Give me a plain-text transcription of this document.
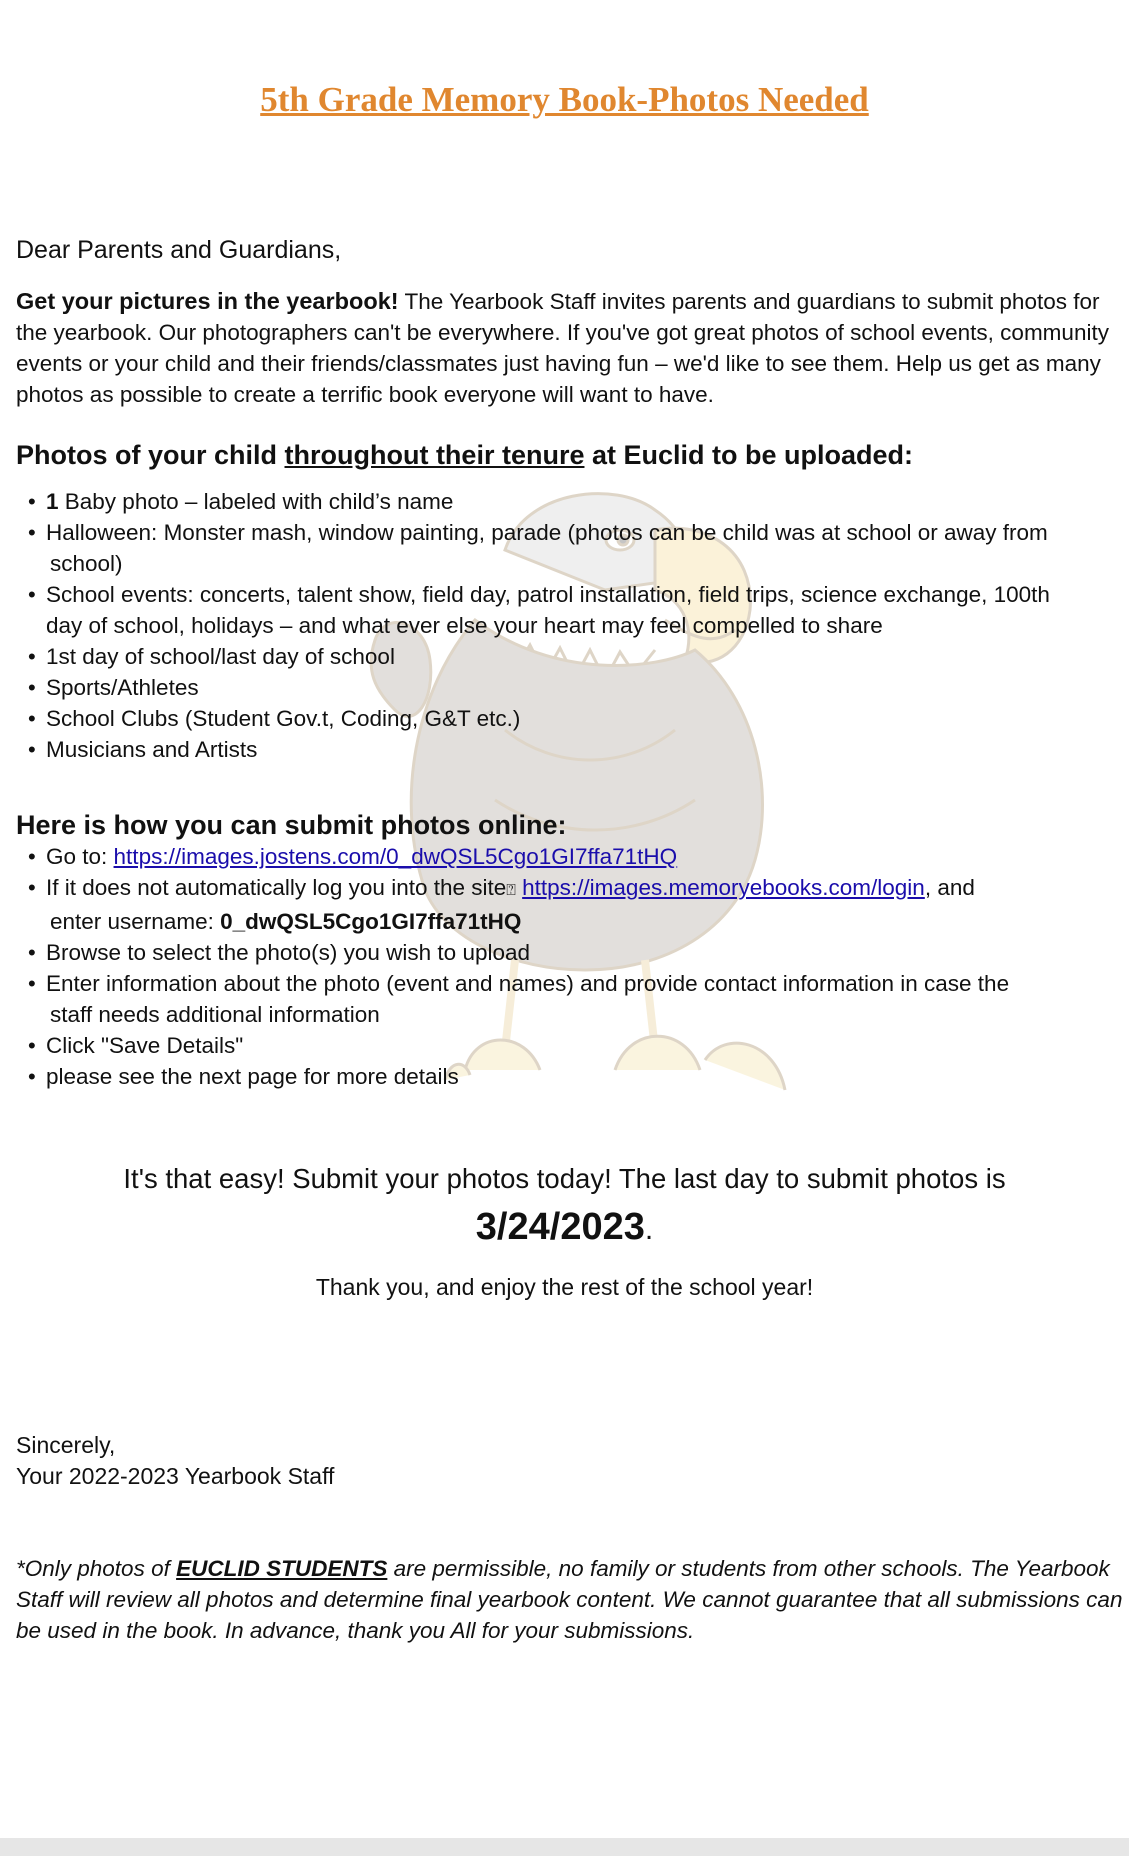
5th Grade Memory Book-Photos Needed
Dear Parents and Guardians,
Get your pictures in the yearbook! The Yearbook Staff invites parents and guardians to submit photos for the yearbook. Our photographers can't be everywhere. If you've got great photos of school events, community events or your child and their friends/classmates just having fun – we'd like to see them. Help us get as many photos as possible to create a terrific book everyone will want to have.
Photos of your child throughout their tenure at Euclid to be uploaded:
• 1 Baby photo – labeled with child’s name
• Halloween: Monster mash, window painting, parade (photos can be child was at school or away from
school)
• School events: concerts, talent show, field day, patrol installation, field trips, science exchange, 100th
day of school, holidays – and what ever else your heart may feel compelled to share
• 1st day of school/last day of school
• Sports/Athletes
• School Clubs (Student Gov.t, Coding, G&T etc.)
• Musicians and Artists
Here is how you can submit photos online:
• Go to: https://images.jostens.com/0_dwQSL5Cgo1GI7ffa71tHQ
• If it does not automatically log you into the site⍰ https://images.memoryebooks.com/login, and
enter username: 0_dwQSL5Cgo1GI7ffa71tHQ
• Browse to select the photo(s) you wish to upload
• Enter information about the photo (event and names) and provide contact information in case the
staff needs additional information
• Click "Save Details"
• please see the next page for more details
It's that easy! Submit your photos today! The last day to submit photos is
3/24/2023.
Thank you, and enjoy the rest of the school year!
Sincerely,
Your 2022-2023 Yearbook Staff
*Only photos of EUCLID STUDENTS are permissible, no family or students from other schools. The Yearbook Staff will review all photos and determine final yearbook content. We cannot guarantee that all submissions can be used in the book. In advance, thank you All for your submissions.
